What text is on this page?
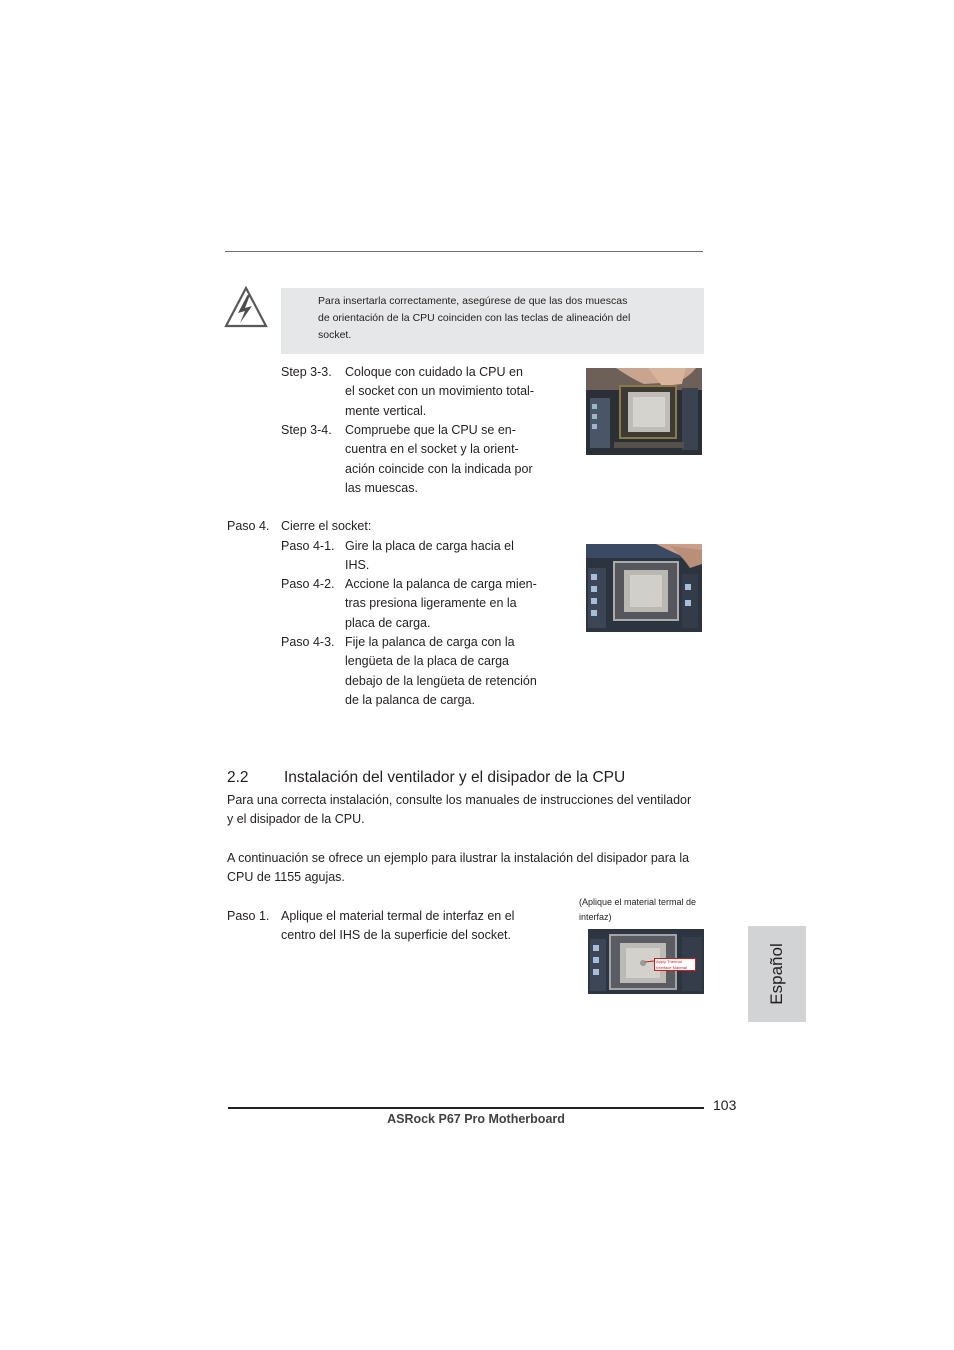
Para insertarla correctamente, asegúrese de que las dos muescas
de orientación de la CPU coinciden con las teclas de alineación del
socket.
Step 3-3. Coloque con cuidado la CPU en
el socket con un movimiento total-
mente vertical.
Step 3-4. Compruebe que la CPU se en-
cuentra en el socket y la orient-
ación coincide con la indicada por
las muescas.
Paso 4. Cierre el socket:
Paso 4-1. Gire la placa de carga hacia el
IHS.
Paso 4-2. Accione la palanca de carga mien-
tras presiona ligeramente en la
placa de carga.
Paso 4-3. Fije la palanca de carga con la
lengüeta de la placa de carga
debajo de la lengüeta de retención
de la palanca de carga.
2.2 Instalación del ventilador y el disipador de la CPU
Para una correcta instalación, consulte los manuales de instrucciones del ventilador
y el disipador de la CPU.
A continuación se ofrece un ejemplo para ilustrar la instalación del disipador para la
CPU de 1155 agujas.
Paso 1. Aplique el material termal de interfaz en el
centro del IHS de la superficie del socket.
(Aplique el material termal de
interfaz)
Apply Thermal
Interface Material	Español
103
ASRock P67 Pro Motherboard
